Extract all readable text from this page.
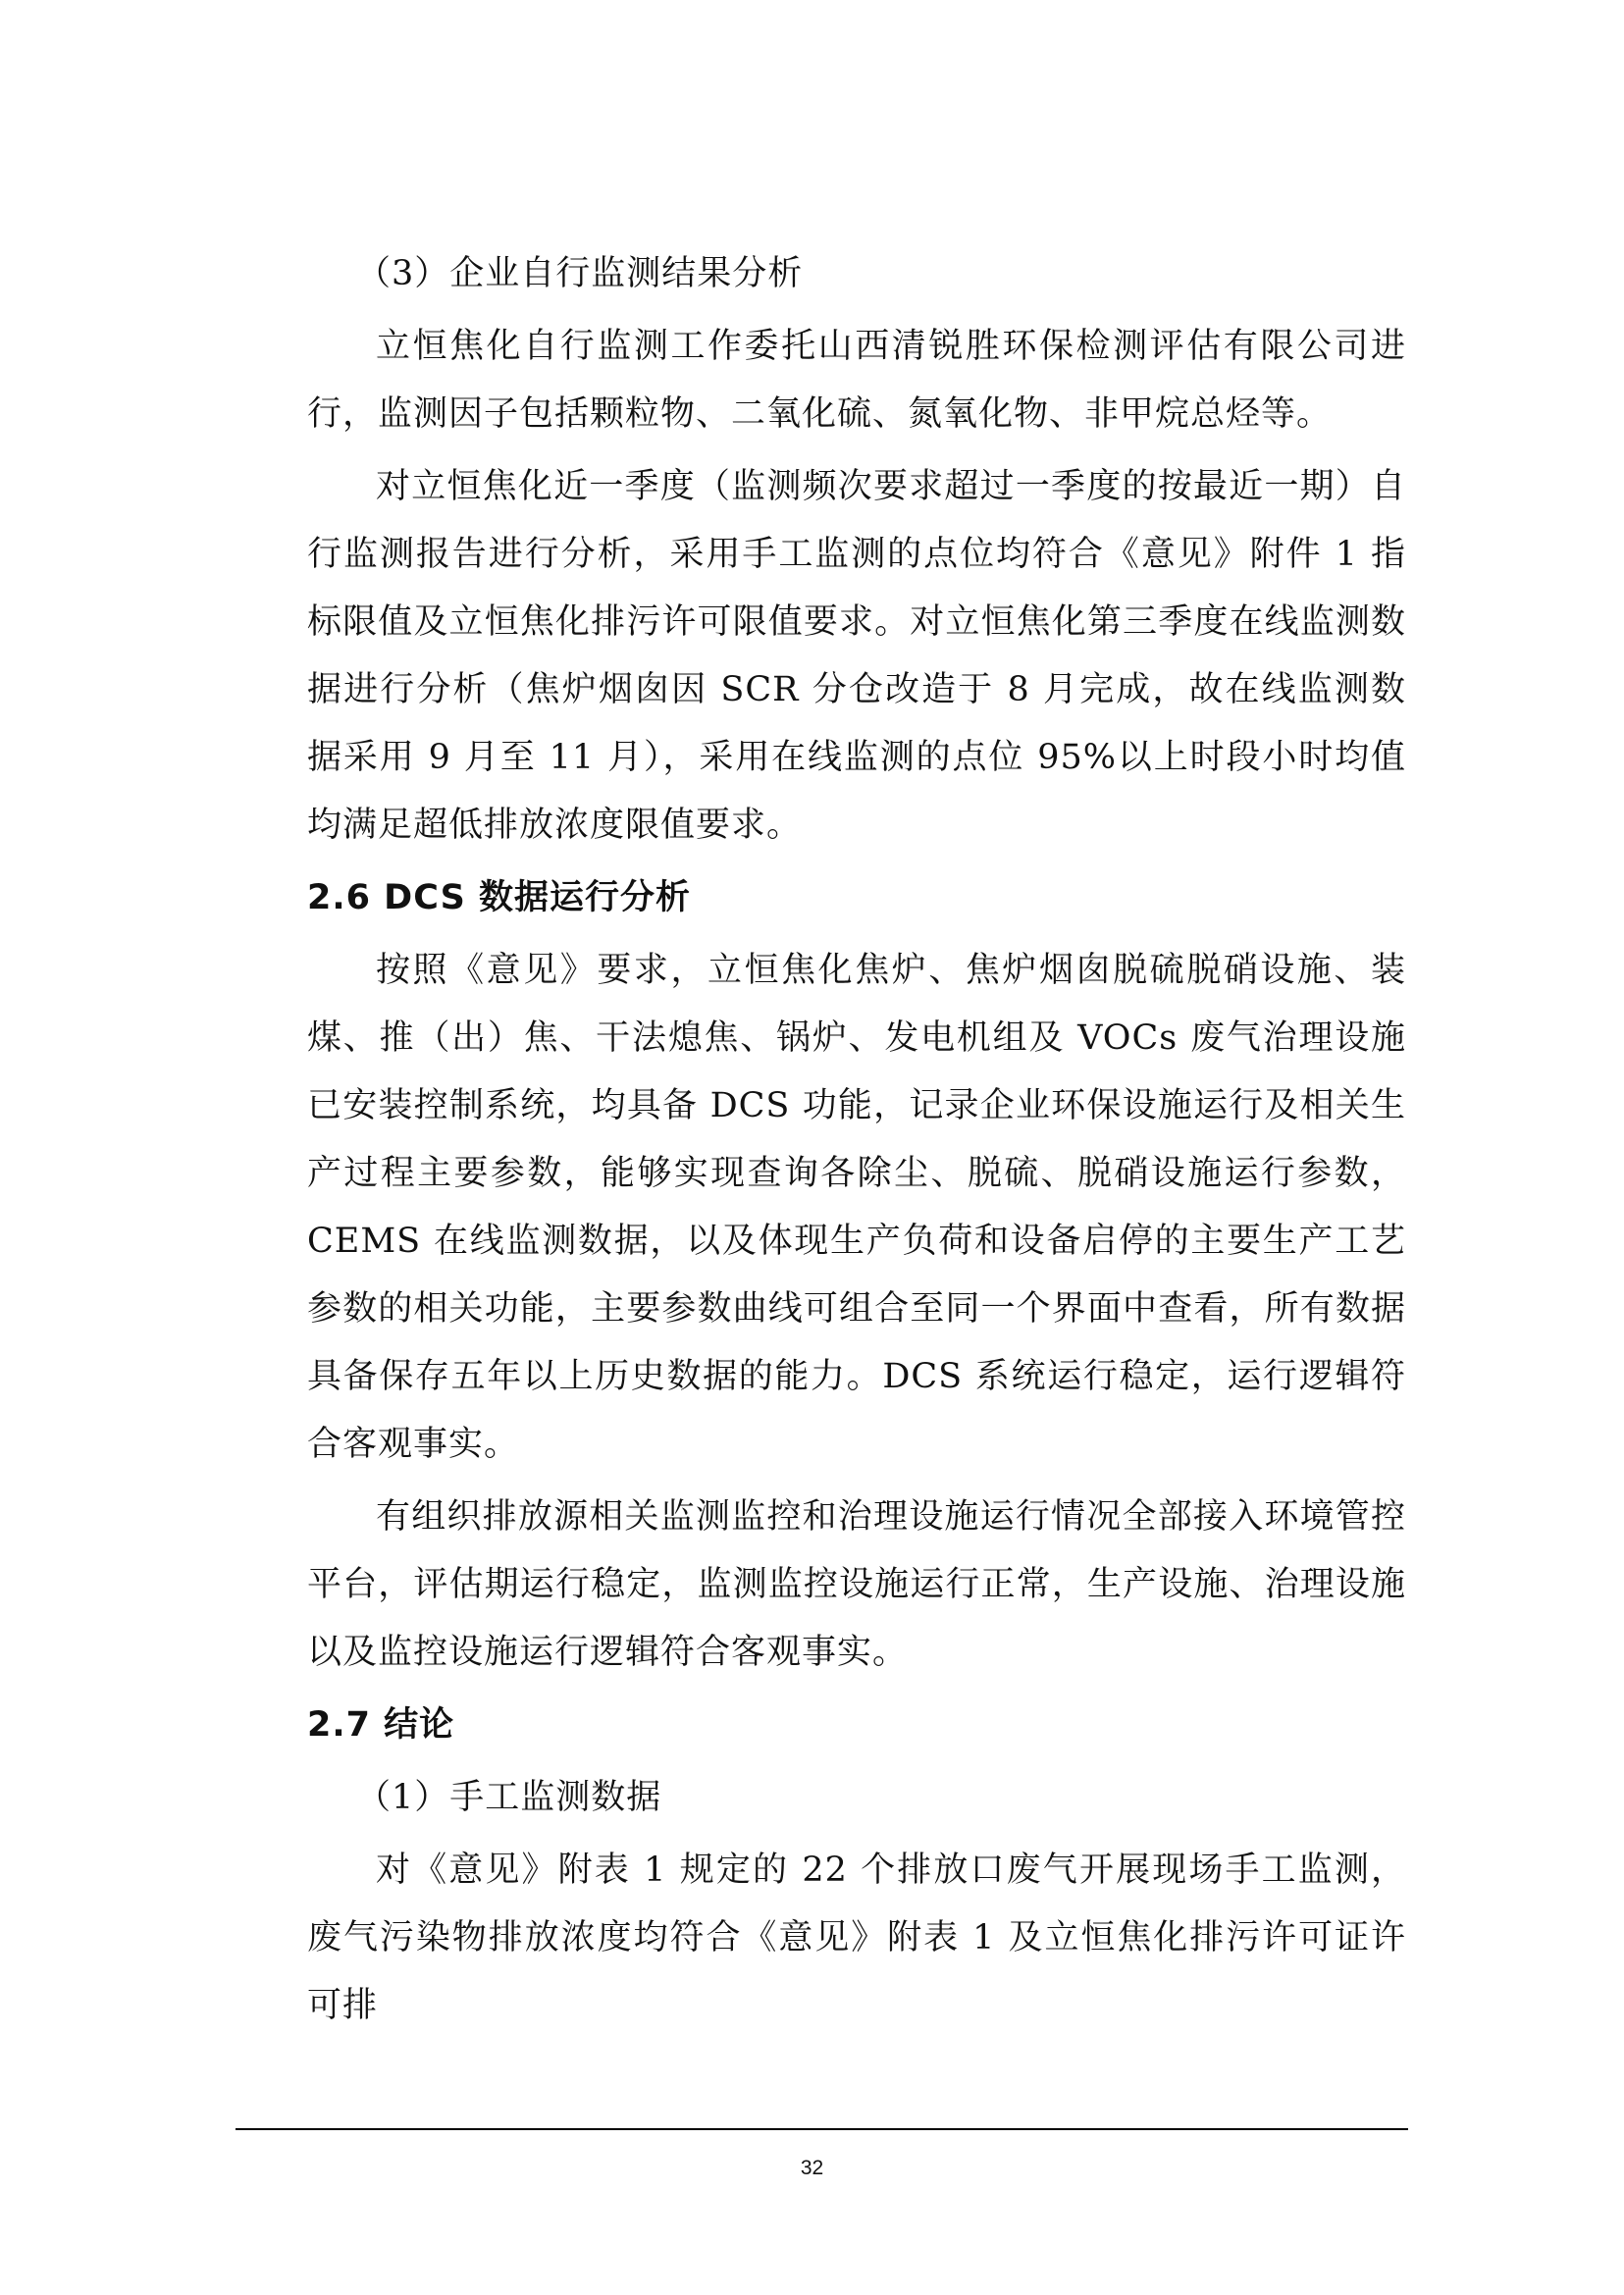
（3）企业自行监测结果分析

立恒焦化自行监测工作委托山西清锐胜环保检测评估有限公司进行，监测因子包括颗粒物、二氧化硫、氮氧化物、非甲烷总烃等。

对立恒焦化近一季度（监测频次要求超过一季度的按最近一期）自行监测报告进行分析，采用手工监测的点位均符合《意见》附件 1 指标限值及立恒焦化排污许可限值要求。对立恒焦化第三季度在线监测数据进行分析（焦炉烟囱因 SCR 分仓改造于 8 月完成，故在线监测数据采用 9 月至 11 月），采用在线监测的点位 95%以上时段小时均值均满足超低排放浓度限值要求。

2.6 DCS 数据运行分析

按照《意见》要求，立恒焦化焦炉、焦炉烟囱脱硫脱硝设施、装煤、推（出）焦、干法熄焦、锅炉、发电机组及 VOCs 废气治理设施已安装控制系统，均具备 DCS 功能，记录企业环保设施运行及相关生产过程主要参数，能够实现查询各除尘、脱硫、脱硝设施运行参数，CEMS 在线监测数据，以及体现生产负荷和设备启停的主要生产工艺参数的相关功能，主要参数曲线可组合至同一个界面中查看，所有数据具备保存五年以上历史数据的能力。DCS 系统运行稳定，运行逻辑符合客观事实。

有组织排放源相关监测监控和治理设施运行情况全部接入环境管控平台，评估期运行稳定，监测监控设施运行正常，生产设施、治理设施以及监控设施运行逻辑符合客观事实。

2.7 结论

（1）手工监测数据

对《意见》附表 1 规定的 22 个排放口废气开展现场手工监测，废气污染物排放浓度均符合《意见》附表 1 及立恒焦化排污许可证许可排

32
